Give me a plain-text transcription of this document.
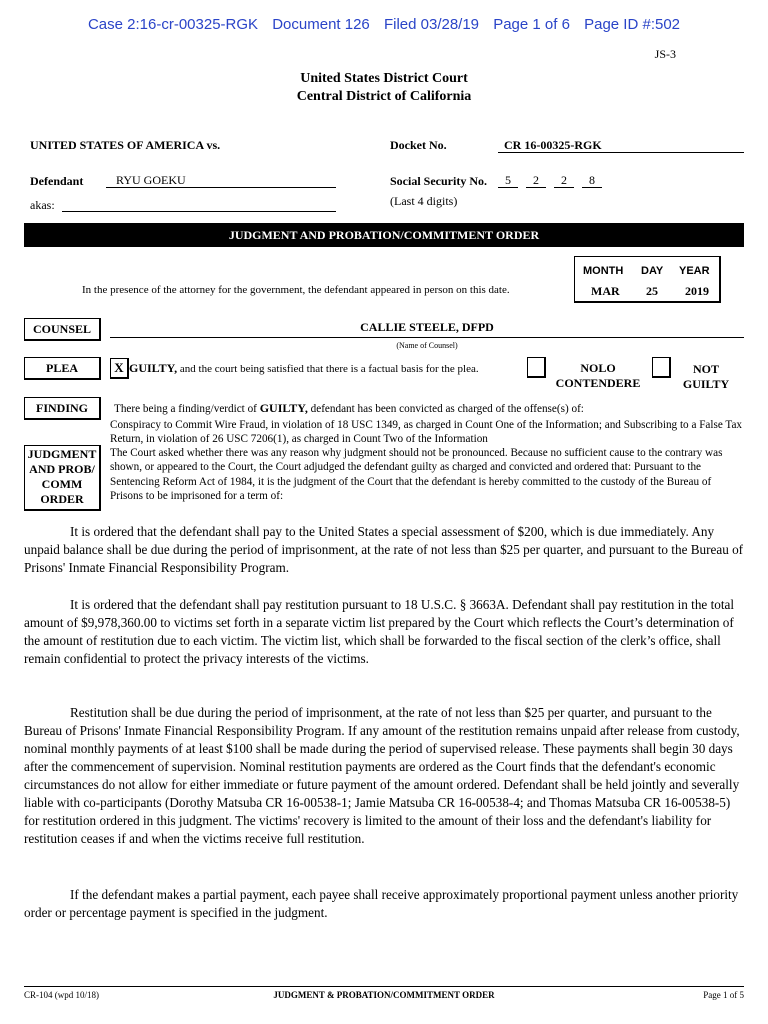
Case 2:16-cr-00325-RGK Document 126 Filed 03/28/19 Page 1 of 6 Page ID #:502
JS-3
United States District Court
Central District of California
UNITED STATES OF AMERICA vs.	Docket No.	CR 16-00325-RGK
Defendant	RYU GOEKU	Social Security No.	5	2	2	8
(Last 4 digits)
akas:
JUDGMENT AND PROBATION/COMMITMENT ORDER
In the presence of the attorney for the government, the defendant appeared in person on this date.
MONTH DAY YEAR
MAR 25 2019
COUNSEL	CALLIE STEELE, DFPD
(Name of Counsel)
PLEA	X GUILTY, and the court being satisfied that there is a factual basis for the plea.	NOLO
CONTENDERE
NOT
GUILTY
FINDING	There being a finding/verdict of GUILTY, defendant has been convicted as charged of the offense(s) of:
Conspiracy to Commit Wire Fraud, in violation of 18 USC 1349, as charged in Count One of the Information; and Subscribing to a False Tax Return, in violation of 26 USC 7206(1), as charged in Count Two of the Information
JUDGMENT
AND PROB/
COMM
ORDER
The Court asked whether there was any reason why judgment should not be pronounced. Because no sufficient cause to the contrary was shown, or appeared to the Court, the Court adjudged the defendant guilty as charged and convicted and ordered that: Pursuant to the Sentencing Reform Act of 1984, it is the judgment of the Court that the defendant is hereby committed to the custody of the Bureau of Prisons to be imprisoned for a term of:
It is ordered that the defendant shall pay to the United States a special assessment of $200, which is due immediately. Any unpaid balance shall be due during the period of imprisonment, at the rate of not less than $25 per quarter, and pursuant to the Bureau of Prisons' Inmate Financial Responsibility Program.
It is ordered that the defendant shall pay restitution pursuant to 18 U.S.C. § 3663A. Defendant shall pay restitution in the total amount of $9,978,360.00 to victims set forth in a separate victim list prepared by the Court which reflects the Court’s determination of the amount of restitution due to each victim. The victim list, which shall be forwarded to the fiscal section of the clerk’s office, shall remain confidential to protect the privacy interests of the victims.
Restitution shall be due during the period of imprisonment, at the rate of not less than $25 per quarter, and pursuant to the Bureau of Prisons' Inmate Financial Responsibility Program. If any amount of the restitution remains unpaid after release from custody, nominal monthly payments of at least $100 shall be made during the period of supervised release. These payments shall begin 30 days after the commencement of supervision. Nominal restitution payments are ordered as the Court finds that the defendant's economic circumstances do not allow for either immediate or future payment of the amount ordered. Defendant shall be held jointly and severally liable with co-participants (Dorothy Matsuba CR 16-00538-1; Jamie Matsuba CR 16-00538-4; and Thomas Matsuba CR 16-00538-5) for restitution ordered in this judgment. The victims' recovery is limited to the amount of their loss and the defendant's liability for restitution ceases if and when the victims receive full restitution.
If the defendant makes a partial payment, each payee shall receive approximately proportional payment unless another priority order or percentage payment is specified in the judgment.
CR-104 (wpd 10/18)	JUDGMENT & PROBATION/COMMITMENT ORDER	Page 1 of 5
